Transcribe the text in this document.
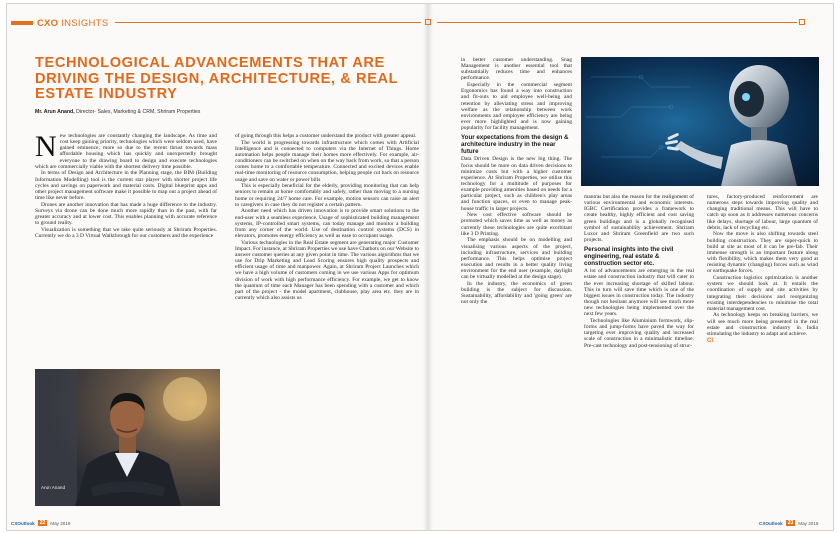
CXO INSIGHTS
TECHNOLOGICAL ADVANCEMENTS THAT ARE DRIVING THE DESIGN, ARCHITECTURE, & REAL ESTATE INDUSTRY
Mr. Arun Anand, Director- Sales, Marketing & CRM, Shriram Properties

New technologies are constantly changing the landscape. As time and cost keep gaining priority, technologies which were seldom used, have gained eminence; more so due to the recent thrust towards mass affordable housing which has quickly and unexpectedly brought everyone to the drawing board to design and execute technologies which are commercially viable with the shortest delivery time possible.

In terms of Design and Architecture in the Planning stage, the BIM (Building Information Modelling) tool is the current star player with shorter project life cycles and savings on paperwork and material costs. Digital blueprint apps and other project management software make it possible to map out a project ahead of time like never before.

Drones are another innovation that has made a huge difference to the industry. Surveys via drone can be done much more rapidly than in the past, with far greater accuracy and at lower cost. This enables planning with accurate reference to ground reality.

Visualization is something that we take quite seriously at Shriram Properties. Currently we do a 3 D Virtual Walkthrough for our customers and the experience

Arun Anand

of going through this helps a customer understand the product with greater appeal.

The world is progressing towards infrastructure which comes with Artificial Intelligence and is connected to computers via the Internet of Things. Home automation helps people manage their homes more effectively. For example, air-conditioners can be switched on when on the way back from work, so that a person comes home to a comfortable temperature. Connected and excited devices enable real-time monitoring of resource consumption, helping people cut back on resource usage and save on water or power bills

This is especially beneficial for the elderly, providing monitoring that can help seniors to remain at home comfortably and safely, rather than moving to a nursing home or requiring 24/7 home care. For example, motion sensors can raise an alert to caregivers in case they do not register a certain pattern.

Another need which has driven innovation is to provide smart solutions to the end-user with a seamless experience. Usage of sophisticated building management systems, IP-controlled smart systems, can today manage and monitor a building from any corner of the world. Use of destination control systems (DCS) in elevators, promotes energy efficiency as well as ease to occupant usage.

Various technologies in the Real Estate segment are generating major Customer Impact. For instance, at Shriram Properties we use have Chatbots on our Website to answer customer queries at any given point in time. The various algorithms that we use for Drip Marketing and Lead Scoring ensures high quality prospects and efficient usage of time and manpower. Again, at Shriram Project Launches which we have a high volume of customers coming in we use various Apps for optimum division of work with high performance efficiency. For example, we get to know the quantum of time each Manager has been spending with a customer and which part of the project - the model apartment, clubhouse, play area etc. they are in currently which also assists us

in better customer understanding. Snag Management is another essential tool that substantially reduces time and enhances performance.

Especially in the commercial segment Ergonomics has found a way into construction and fit-outs to aid employee well-being and retention by alleviating stress and improving welfare as the relationship between work environments and employee efficiency are being ever more highlighted and is now gaining popularity for facility management.

Your expectations from the design & architecture industry in the near future

Data Driven Design is the new big thing. The focus should be more on data driven decisions to minimize costs but with a higher customer experience. At Shriram Properties, we utilise this technology for a multitude of purposes for example providing amenities based on needs for a particular project, such as children's play areas and function spaces, or even to manage peak-house traffic in larger projects.

New cost effective software should be promoted which saves time as well as money as currently these technologies are quite exorbitant like 3 D Printing.

The emphasis should be on modelling and visualising various aspects of the project, including infrastructure, services and building performance. This helps optimise project execution and results in a better quality living environment for the end user (example, daylight can be virtually modelled at the design stage).

In the industry, the economics of green building is the subject for discussion. Sustainability, affordability and 'going green' are not only the

mantras but also the reason for the realignment of various environmental and economic interests. IGBC Certification provides a framework to create healthy, highly efficient and cost saving green buildings and is a globally recognised symbol of sustainability achievement. Shriram Luxor and Shriram Greenfield are two such projects.

Personal insights into the civil engineering, real estate & construction sector etc.

A lot of advancements are emerging in the real estate and construction industry that will cater to the ever increasing shortage of skilled labour. This in turn will save time which is one of the biggest issues in construction today. The industry though not hesitant anymore will see much more new technologies being implemented over the next few years.

Technologies like Aluminium formwork, slip-forms and jump-forms have paved the way for targeting ever improving quality and increased scale of construction in a minimalistic timeline. Pre-cast technology and post-tensioning of struc-

tures, factory-produced reinforcement are numerous steps towards improving quality and changing traditional means. This will have to catch up soon as it addresses numerous concerns like delays, shortage of labour, large quantum of debris, lack of recycling etc.

Now the move is also shifting towards steel building construction. They are super-quick to build at site as most of it can be pre-fab. Their immense strength is an important feature along with flexibility, which makes them very good at resisting dynamic (changing) forces such as wind or earthquake forces.

Construction logistics optimization is another system we should look at. It entails the coordination of supply and site activities by integrating their decisions and reorganizing existing interdependencies to minimise the total material management cost.

As technology keeps on breaking barriers, we will see much more being presented in the real estate and construction industry in India stimulating the industry to adapt and achieve.

CI
CXOutlook	22	May 2019	CXOutlook	23	May 2019
